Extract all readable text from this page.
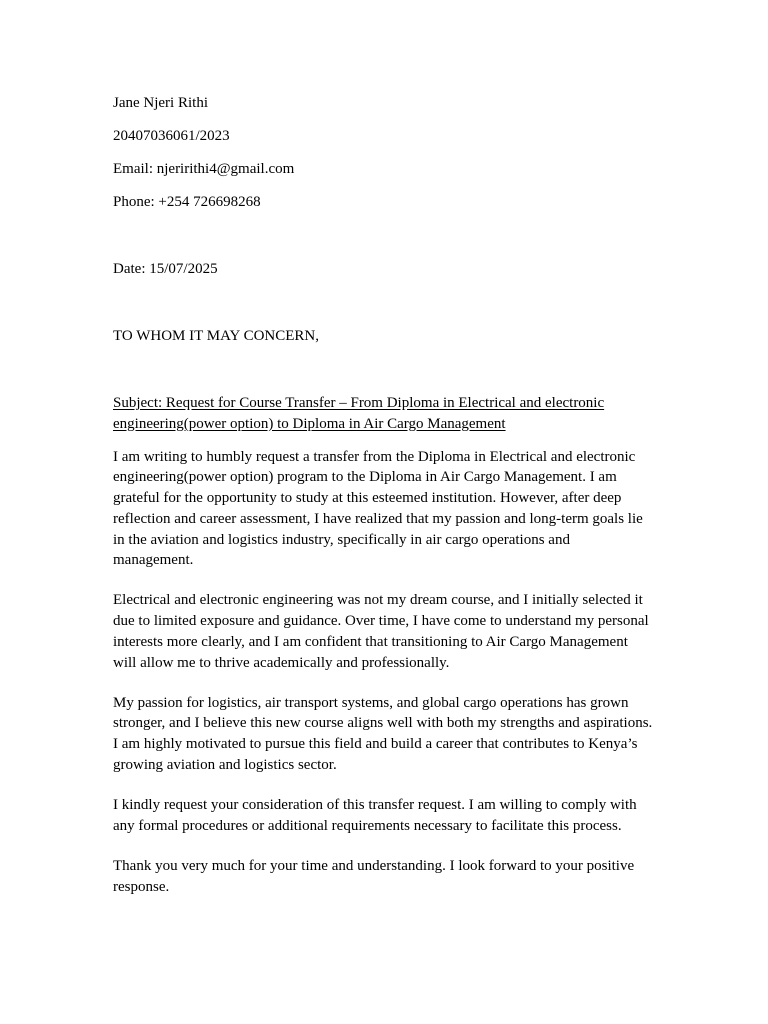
Jane Njeri Rithi

20407036061/2023

Email: njeririthi4@gmail.com

Phone: +254 726698268

Date: 15/07/2025

TO WHOM IT MAY CONCERN,

Subject: Request for Course Transfer – From Diploma in Electrical and electronic

engineering(power option) to Diploma in Air Cargo Management

I am writing to humbly request a transfer from the Diploma in Electrical and electronic

engineering(power option) program to the Diploma in Air Cargo Management. I am

grateful for the opportunity to study at this esteemed institution. However, after deep

reflection and career assessment, I have realized that my passion and long-term goals lie

in the aviation and logistics industry, specifically in air cargo operations and

management.

Electrical and electronic engineering was not my dream course, and I initially selected it

due to limited exposure and guidance. Over time, I have come to understand my personal

interests more clearly, and I am confident that transitioning to Air Cargo Management

will allow me to thrive academically and professionally.

My passion for logistics, air transport systems, and global cargo operations has grown

stronger, and I believe this new course aligns well with both my strengths and aspirations.

I am highly motivated to pursue this field and build a career that contributes to Kenya’s

growing aviation and logistics sector.

I kindly request your consideration of this transfer request. I am willing to comply with

any formal procedures or additional requirements necessary to facilitate this process.

Thank you very much for your time and understanding. I look forward to your positive

response.
